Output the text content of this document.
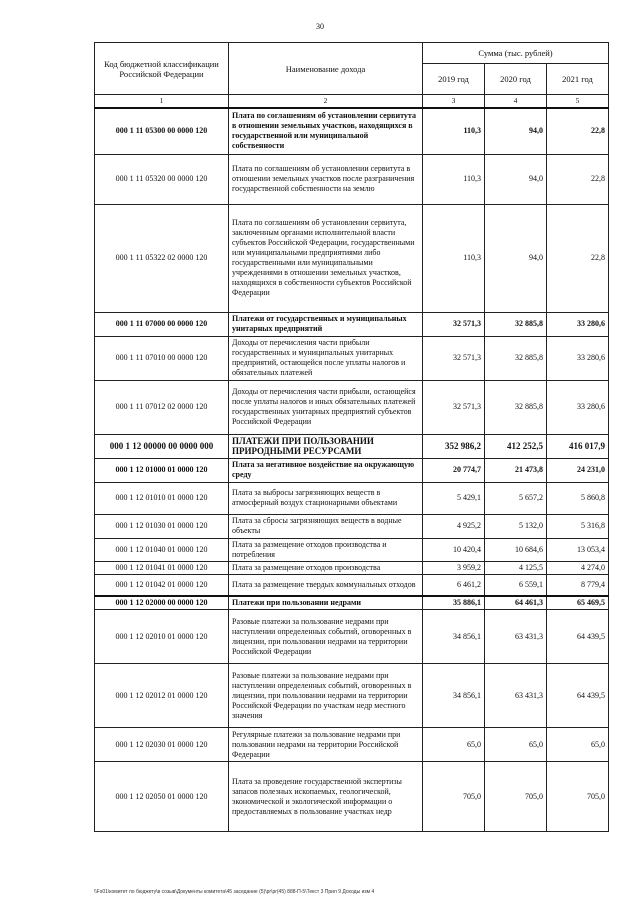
30
Код бюджетной классификации Российской Федерации	Наименование дохода	Сумма (тыс. рублей)		
		2019 год	2020 год	2021 год
1	2	3	4	5
000 1 11 05300 00 0000 120	Плата по соглашениям об установлении сервитута в отношении земельных участков, находящихся в государственной или муниципальной собственности	110,3	94,0	22,8
000 1 11 05320 00 0000 120	Плата по соглашениям об установлении сервитута в отношении земельных участков после разграничения государственной собственности на землю	110,3	94,0	22,8
000 1 11 05322 02 0000 120	Плата по соглашениям об установлении сервитута, заключенным органами исполнительной власти субъектов Российской Федерации, государственными или муниципальными предприятиями либо государственными или муниципальными учреждениями в отношении земельных участков, находящихся в собственности субъектов Российской Федерации	110,3	94,0	22,8
000 1 11 07000 00 0000 120	Платежи от государственных и муниципальных унитарных предприятий	32 571,3	32 885,8	33 280,6
000 1 11 07010 00 0000 120	Доходы от перечисления части прибыли государственных и муниципальных унитарных предприятий, остающейся после уплаты налогов и обязательных платежей	32 571,3	32 885,8	33 280,6
000 1 11 07012 02 0000 120	Доходы от перечисления части прибыли, остающейся после уплаты налогов и иных обязательных платежей государственных унитарных предприятий субъектов Российской Федерации	32 571,3	32 885,8	33 280,6
000 1 12 00000 00 0000 000	ПЛАТЕЖИ ПРИ ПОЛЬЗОВАНИИ ПРИРОДНЫМИ РЕСУРСАМИ	352 986,2	412 252,5	416 017,9
000 1 12 01000 01 0000 120	Плата за негативное воздействие на окружающую среду	20 774,7	21 473,8	24 231,0
000 1 12 01010 01 0000 120	Плата за выбросы загрязняющих веществ в атмосферный воздух стационарными объектами	5 429,1	5 657,2	5 860,8
000 1 12 01030 01 0000 120	Плата за сбросы загрязняющих веществ в водные объекты	4 925,2	5 132,0	5 316,8
000 1 12 01040 01 0000 120	Плата за размещение отходов производства и потребления	10 420,4	10 684,6	13 053,4
000 1 12 01041 01 0000 120	Плата за размещение отходов производства	3 959,2	4 125,5	4 274,0
000 1 12 01042 01 0000 120	Плата за размещение твердых коммунальных отходов	6 461,2	6 559,1	8 779,4
000 1 12 02000 00 0000 120	Платежи при пользовании недрами	35 886,1	64 461,3	65 469,5
000 1 12 02010 01 0000 120	Разовые платежи за пользование недрами при наступлении определенных событий, оговоренных в лицензии, при пользовании недрами на территории Российской Федерации	34 856,1	63 431,3	64 439,5
000 1 12 02012 01 0000 120	Разовые платежи за пользование недрами при наступлении определенных событий, оговоренных в лицензии, при пользовании недрами на территории Российской Федерации по участкам недр местного значения	34 856,1	63 431,3	64 439,5
000 1 12 02030 01 0000 120	Регулярные платежи за пользование недрами при пользовании недрами на территории Российской Федерации	65,0	65,0	65,0
000 1 12 02050 01 0000 120	Плата за проведение государственной экспертизы запасов полезных ископаемых, геологической, экономической и экологической информации о предоставляемых в пользование участках недр	705,0	705,0	705,0
\\Fs01\комитет по бюджету\в созыв\Документы комитета\45 заседание (5)\pr\pr(45) 888-П-5\Текст 3 Прил 9 Доходы изм 4
